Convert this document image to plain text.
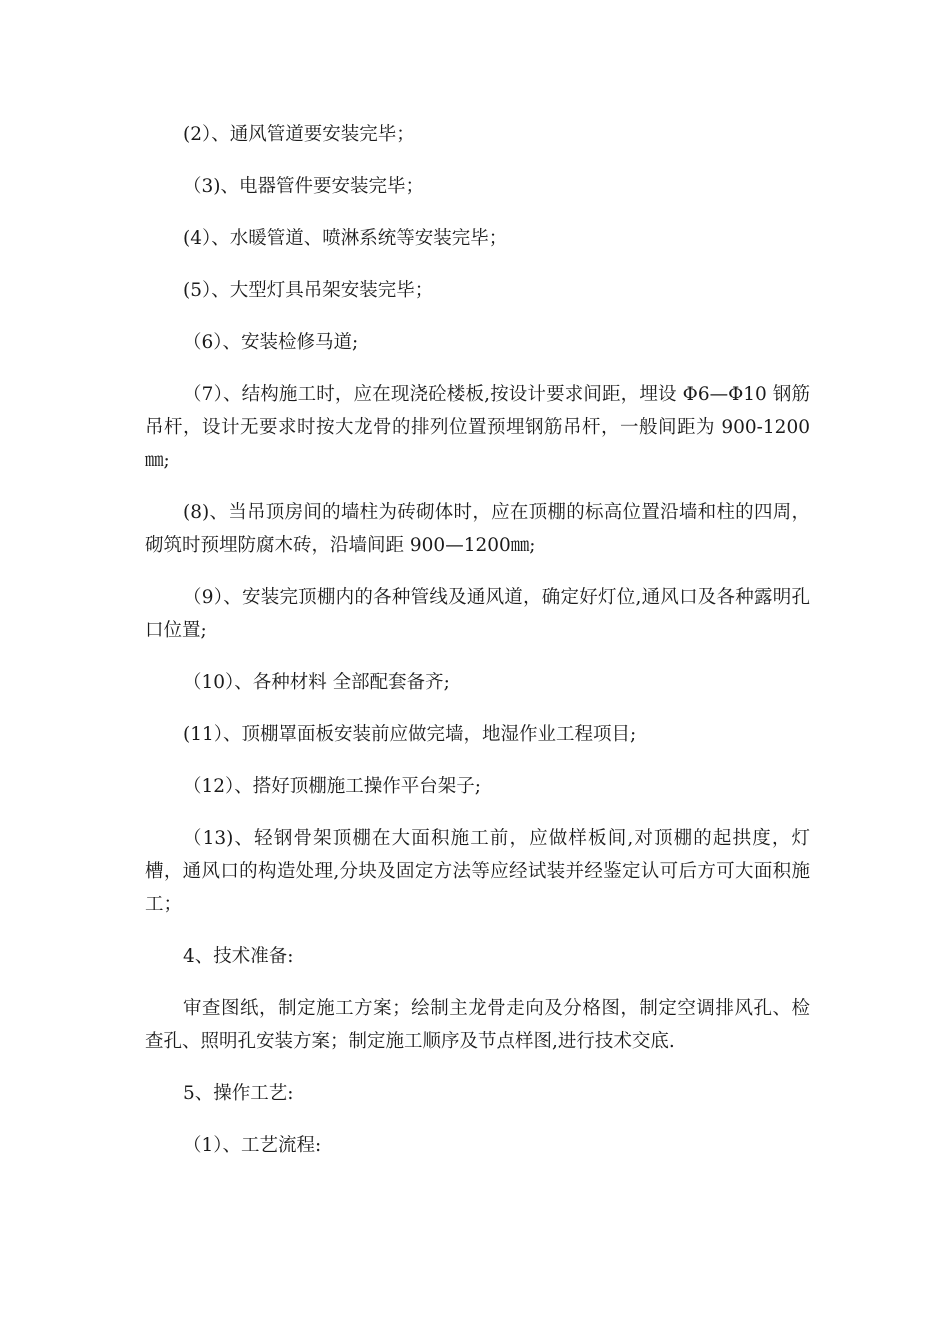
(2）、通风管道要安装完毕；

（3)、电器管件要安装完毕；

(4）、水暖管道、喷淋系统等安装完毕；

(5）、大型灯具吊架安装完毕；

（6）、安装检修马道;

（7）、结构施工时，应在现浇砼楼板,按设计要求间距，埋设 Φ6—Φ10 钢筋吊杆，设计无要求时按大龙骨的排列位置预埋钢筋吊杆，一般间距为 900-1200㎜;

(8)、当吊顶房间的墙柱为砖砌体时，应在顶棚的标高位置沿墙和柱的四周，砌筑时预埋防腐木砖，沿墙间距 900—1200㎜;

（9）、安装完顶棚内的各种管线及通风道，确定好灯位,通风口及各种露明孔口位置;

（10）、各种材料 全部配套备齐;

(11）、顶棚罩面板安装前应做完墙，地湿作业工程项目;

（12）、搭好顶棚施工操作平台架子;

（13)、轻钢骨架顶棚在大面积施工前，应做样板间,对顶棚的起拱度，灯槽，通风口的构造处理,分块及固定方法等应经试装并经鉴定认可后方可大面积施工；

4、技术准备:

审查图纸，制定施工方案；绘制主龙骨走向及分格图，制定空调排风孔、检查孔、照明孔安装方案；制定施工顺序及节点样图,进行技术交底.

5、操作工艺:

（1）、工艺流程:
